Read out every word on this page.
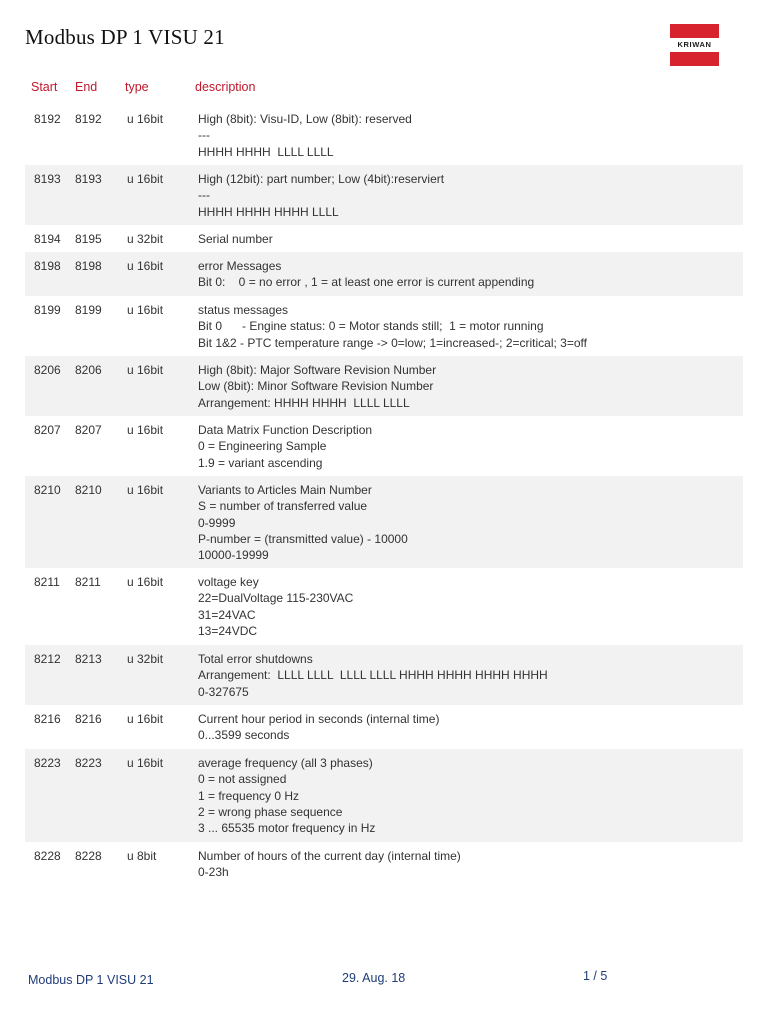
Modbus DP 1 VISU 21	KRIWAN
Start End type	description
8192 8192 u 16bit	High (8bit): Visu-ID, Low (8bit): reserved
---
HHHH HHHH  LLLL LLLL
8193 8193 u 16bit	High (12bit): part number; Low (4bit):reserviert
---
HHHH HHHH HHHH LLLL
8194 8195 u 32bit	Serial number
8198 8198 u 16bit	error Messages
Bit 0:    0 = no error , 1 = at least one error is current appending
8199 8199 u 16bit	status messages
Bit 0      - Engine status: 0 = Motor stands still;  1 = motor running
Bit 1&2 - PTC temperature range -> 0=low; 1=increased-; 2=critical; 3=off
8206 8206 u 16bit	High (8bit): Major Software Revision Number
Low (8bit): Minor Software Revision Number
Arrangement: HHHH HHHH  LLLL LLLL
8207 8207 u 16bit	Data Matrix Function Description
0 = Engineering Sample
1.9 = variant ascending
8210 8210 u 16bit	Variants to Articles Main Number
S = number of transferred value
0-9999
P-number = (transmitted value) - 10000
10000-19999
8211 8211 u 16bit	voltage key
22=DualVoltage 115-230VAC
31=24VAC
13=24VDC
8212 8213 u 32bit	Total error shutdowns
Arrangement:  LLLL LLLL  LLLL LLLL HHHH HHHH HHHH HHHH
0-327675
8216 8216 u 16bit	Current hour period in seconds (internal time)
0...3599 seconds
8223 8223 u 16bit	average frequency (all 3 phases)
0 = not assigned
1 = frequency 0 Hz
2 = wrong phase sequence
3 ... 65535 motor frequency in Hz
8228 8228 u 8bit	Number of hours of the current day (internal time)
0-23h
Modbus DP 1 VISU 21	29. Aug. 18	1 / 5
